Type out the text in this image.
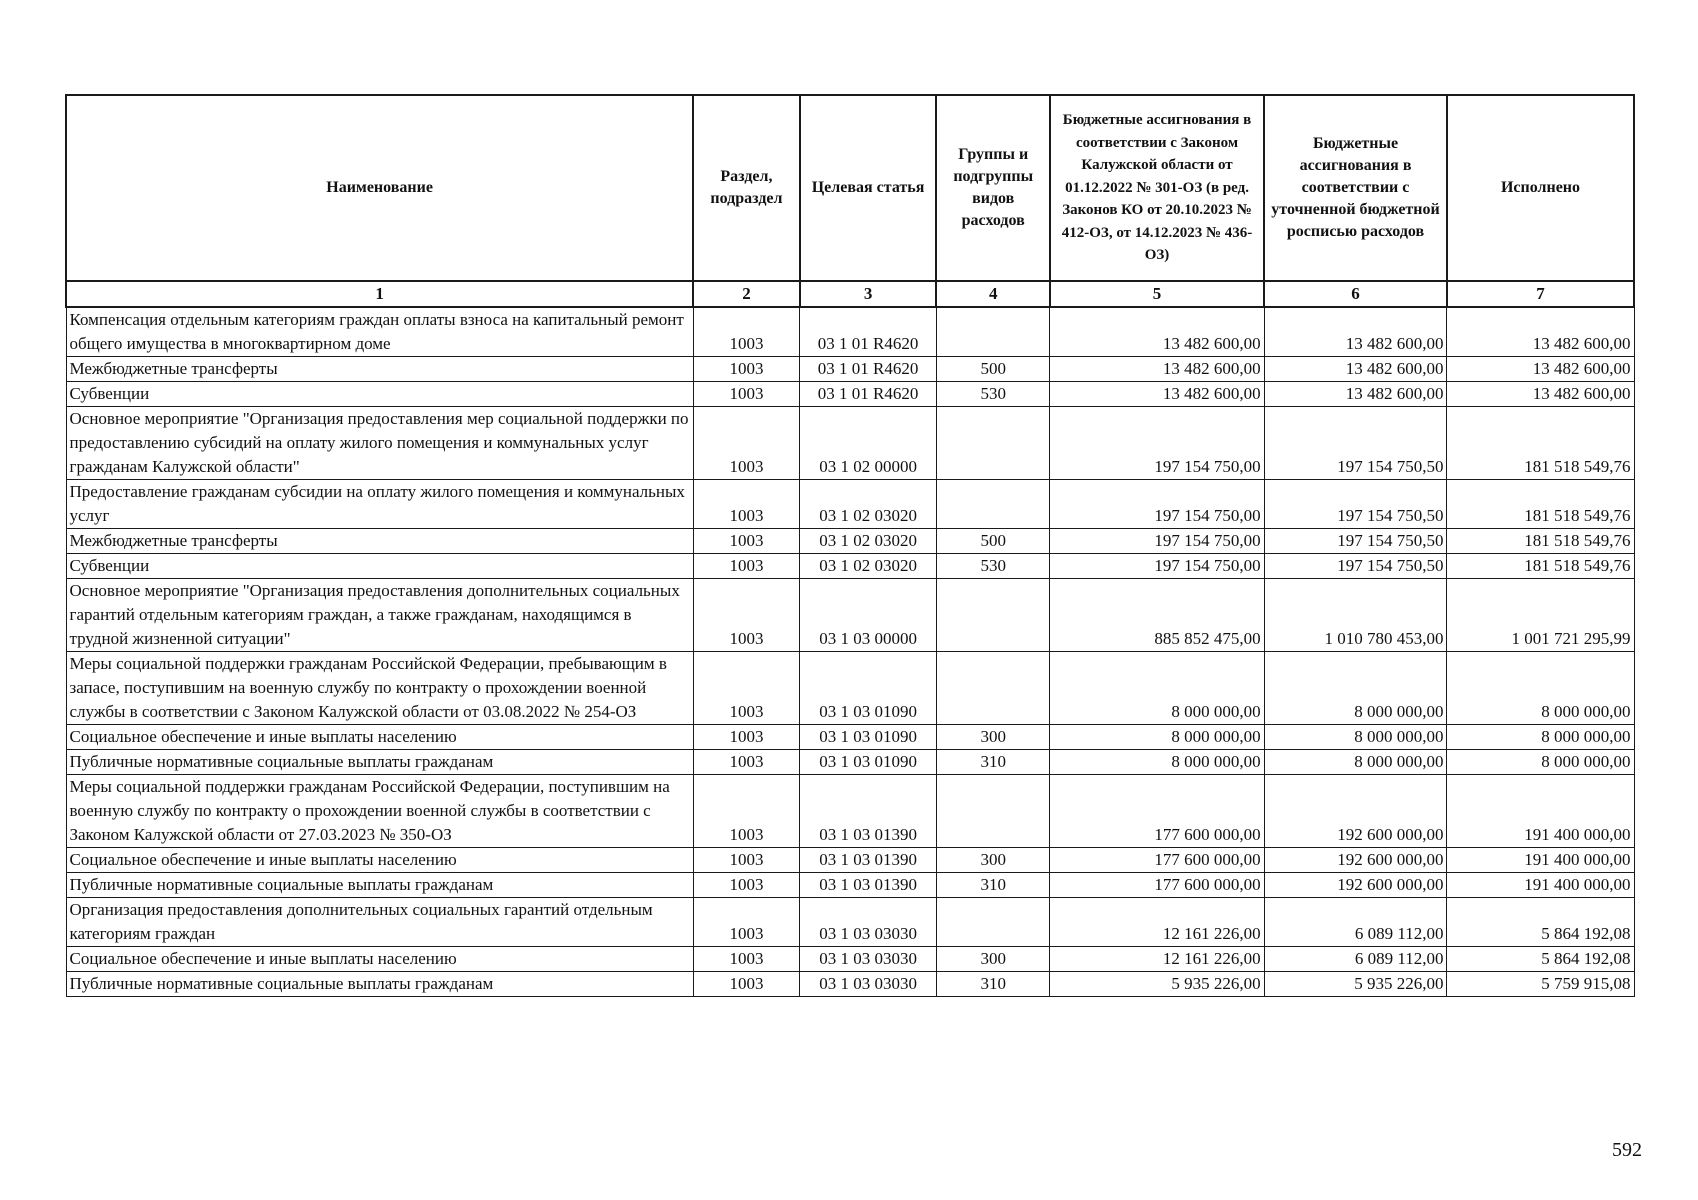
Наименование	Раздел, подраздел	Целевая статья	Группы и подгруппы видов расходов	Бюджетные ассигнования в соответствии с Законом Калужской области от 01.12.2022 № 301-ОЗ (в ред. Законов КО от 20.10.2023 № 412-ОЗ, от 14.12.2023 № 436-ОЗ)	Бюджетные ассигнования в соответствии с уточненной бюджетной росписью расходов	Исполнено
1	2	3	4	5	6	7
Компенсация отдельным категориям граждан оплаты взноса на капитальный ремонт общего имущества в многоквартирном доме	1003	03 1 01 R4620		13 482 600,00	13 482 600,00	13 482 600,00
Межбюджетные трансферты	1003	03 1 01 R4620	500	13 482 600,00	13 482 600,00	13 482 600,00
Субвенции	1003	03 1 01 R4620	530	13 482 600,00	13 482 600,00	13 482 600,00
Основное мероприятие "Организация предоставления мер социальной поддержки по предоставлению субсидий на оплату жилого помещения и коммунальных услуг гражданам Калужской области"	1003	03 1 02 00000		197 154 750,00	197 154 750,50	181 518 549,76
Предоставление гражданам субсидии на оплату жилого помещения и коммунальных услуг	1003	03 1 02 03020		197 154 750,00	197 154 750,50	181 518 549,76
Межбюджетные трансферты	1003	03 1 02 03020	500	197 154 750,00	197 154 750,50	181 518 549,76
Субвенции	1003	03 1 02 03020	530	197 154 750,00	197 154 750,50	181 518 549,76
Основное мероприятие "Организация предоставления дополнительных социальных гарантий отдельным категориям граждан, а также гражданам, находящимся в трудной жизненной ситуации"	1003	03 1 03 00000		885 852 475,00	1 010 780 453,00	1 001 721 295,99
Меры социальной поддержки гражданам Российской Федерации, пребывающим в запасе, поступившим на военную службу по контракту о прохождении военной службы в соответствии с Законом Калужской области от 03.08.2022 № 254-ОЗ	1003	03 1 03 01090		8 000 000,00	8 000 000,00	8 000 000,00
Социальное обеспечение и иные выплаты населению	1003	03 1 03 01090	300	8 000 000,00	8 000 000,00	8 000 000,00
Публичные нормативные социальные выплаты гражданам	1003	03 1 03 01090	310	8 000 000,00	8 000 000,00	8 000 000,00
Меры социальной поддержки гражданам Российской Федерации, поступившим на военную службу по контракту о прохождении военной службы в соответствии с Законом Калужской области от 27.03.2023 № 350-ОЗ	1003	03 1 03 01390		177 600 000,00	192 600 000,00	191 400 000,00
Социальное обеспечение и иные выплаты населению	1003	03 1 03 01390	300	177 600 000,00	192 600 000,00	191 400 000,00
Публичные нормативные социальные выплаты гражданам	1003	03 1 03 01390	310	177 600 000,00	192 600 000,00	191 400 000,00
Организация предоставления дополнительных социальных гарантий отдельным категориям граждан	1003	03 1 03 03030		12 161 226,00	6 089 112,00	5 864 192,08
Социальное обеспечение и иные выплаты населению	1003	03 1 03 03030	300	12 161 226,00	6 089 112,00	5 864 192,08
Публичные нормативные социальные выплаты гражданам	1003	03 1 03 03030	310	5 935 226,00	5 935 226,00	5 759 915,08
592
